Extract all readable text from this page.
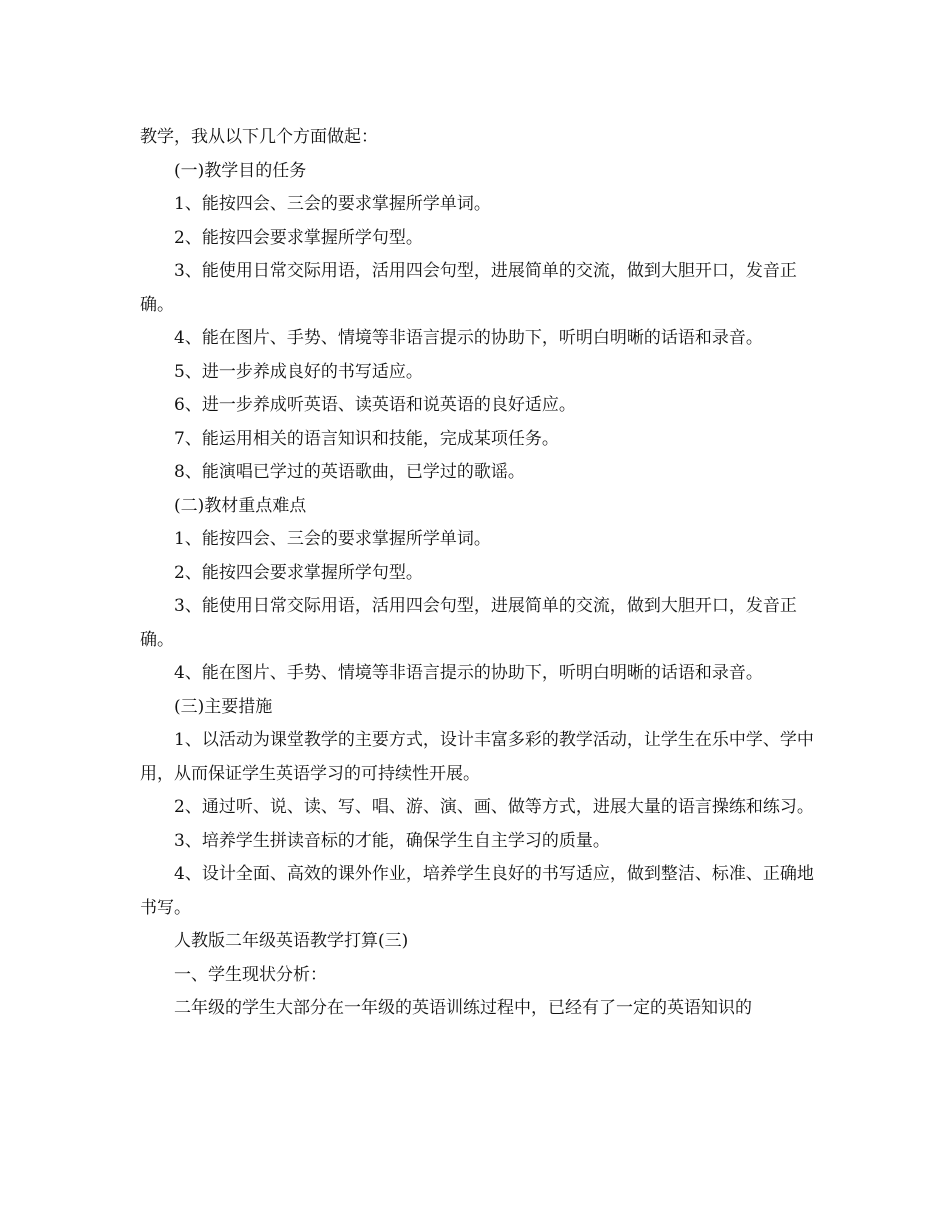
教学，我从以下几个方面做起：

(一)教学目的任务

1、能按四会、三会的要求掌握所学单词。

2、能按四会要求掌握所学句型。

3、能使用日常交际用语，活用四会句型，进展简单的交流，做到大胆开口，发音正确。

4、能在图片、手势、情境等非语言提示的协助下，听明白明晰的话语和录音。

5、进一步养成良好的书写适应。

6、进一步养成听英语、读英语和说英语的良好适应。

7、能运用相关的语言知识和技能，完成某项任务。

8、能演唱已学过的英语歌曲，已学过的歌谣。

(二)教材重点难点

1、能按四会、三会的要求掌握所学单词。

2、能按四会要求掌握所学句型。

3、能使用日常交际用语，活用四会句型，进展简单的交流，做到大胆开口，发音正确。

4、能在图片、手势、情境等非语言提示的协助下，听明白明晰的话语和录音。

(三)主要措施

1、以活动为课堂教学的主要方式，设计丰富多彩的教学活动，让学生在乐中学、学中用，从而保证学生英语学习的可持续性开展。

2、通过听、说、读、写、唱、游、演、画、做等方式，进展大量的语言操练和练习。

3、培养学生拼读音标的才能，确保学生自主学习的质量。

4、设计全面、高效的课外作业，培养学生良好的书写适应，做到整洁、标准、正确地书写。

人教版二年级英语教学打算(三)

一、学生现状分析：

二年级的学生大部分在一年级的英语训练过程中，已经有了一定的英语知识的
